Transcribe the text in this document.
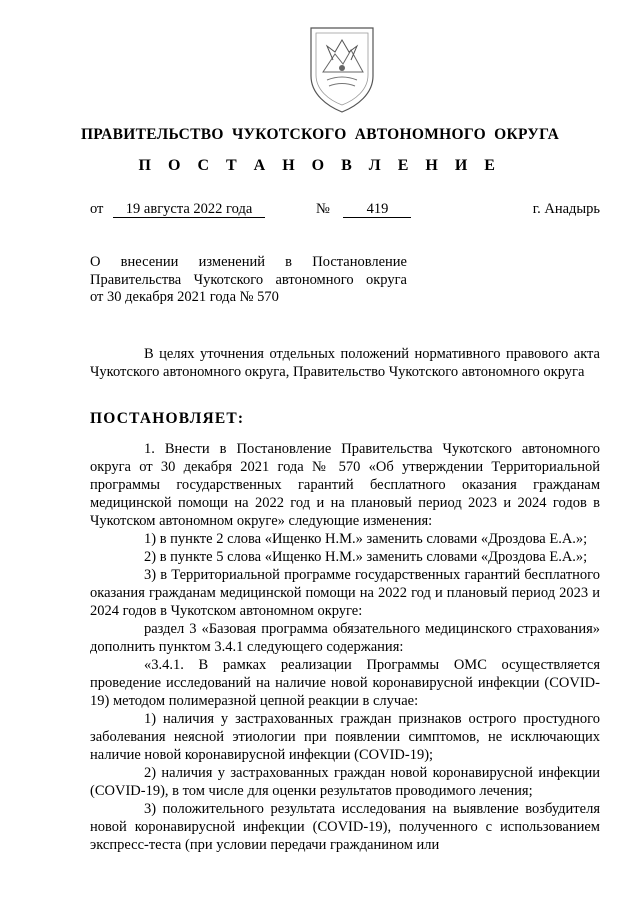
ПРАВИТЕЛЬСТВО ЧУКОТСКОГО АВТОНОМНОГО ОКРУГА
П О С Т А Н О В Л Е Н И Е
от 19 августа 2022 года	№	419	г. Анадырь
О внесении изменений в Постановление
Правительства Чукотского автономного округа
от 30 декабря 2021 года № 570

В целях уточнения отдельных положений нормативного правового акта Чукотского автономного округа, Правительство Чукотского автономного округа

ПОСТАНОВЛЯЕТ:

1. Внести в Постановление Правительства Чукотского автономного округа от 30 декабря 2021 года № 570 «Об утверждении Территориальной программы государственных гарантий бесплатного оказания гражданам медицинской помощи на 2022 год и на плановый период 2023 и 2024 годов в Чукотском автономном округе» следующие изменения:

1) в пункте 2 слова «Ищенко Н.М.» заменить словами «Дроздова Е.А.»;

2) в пункте 5 слова «Ищенко Н.М.» заменить словами «Дроздова Е.А.»;

3) в Территориальной программе государственных гарантий бесплатного оказания гражданам медицинской помощи на 2022 год и плановый период 2023 и 2024 годов в Чукотском автономном округе:

раздел 3 «Базовая программа обязательного медицинского страхования» дополнить пунктом 3.4.1 следующего содержания:

«3.4.1. В рамках реализации Программы ОМС осуществляется проведение исследований на наличие новой коронавирусной инфекции (COVID-19) методом полимеразной цепной реакции в случае:

1) наличия у застрахованных граждан признаков острого простудного заболевания неясной этиологии при появлении симптомов, не исключающих наличие новой коронавирусной инфекции (COVID-19);

2) наличия у застрахованных граждан новой коронавирусной инфекции (COVID-19), в том числе для оценки результатов проводимого лечения;

3) положительного результата исследования на выявление возбудителя новой коронавирусной инфекции (COVID-19), полученного с использованием экспресс-теста (при условии передачи гражданином или
